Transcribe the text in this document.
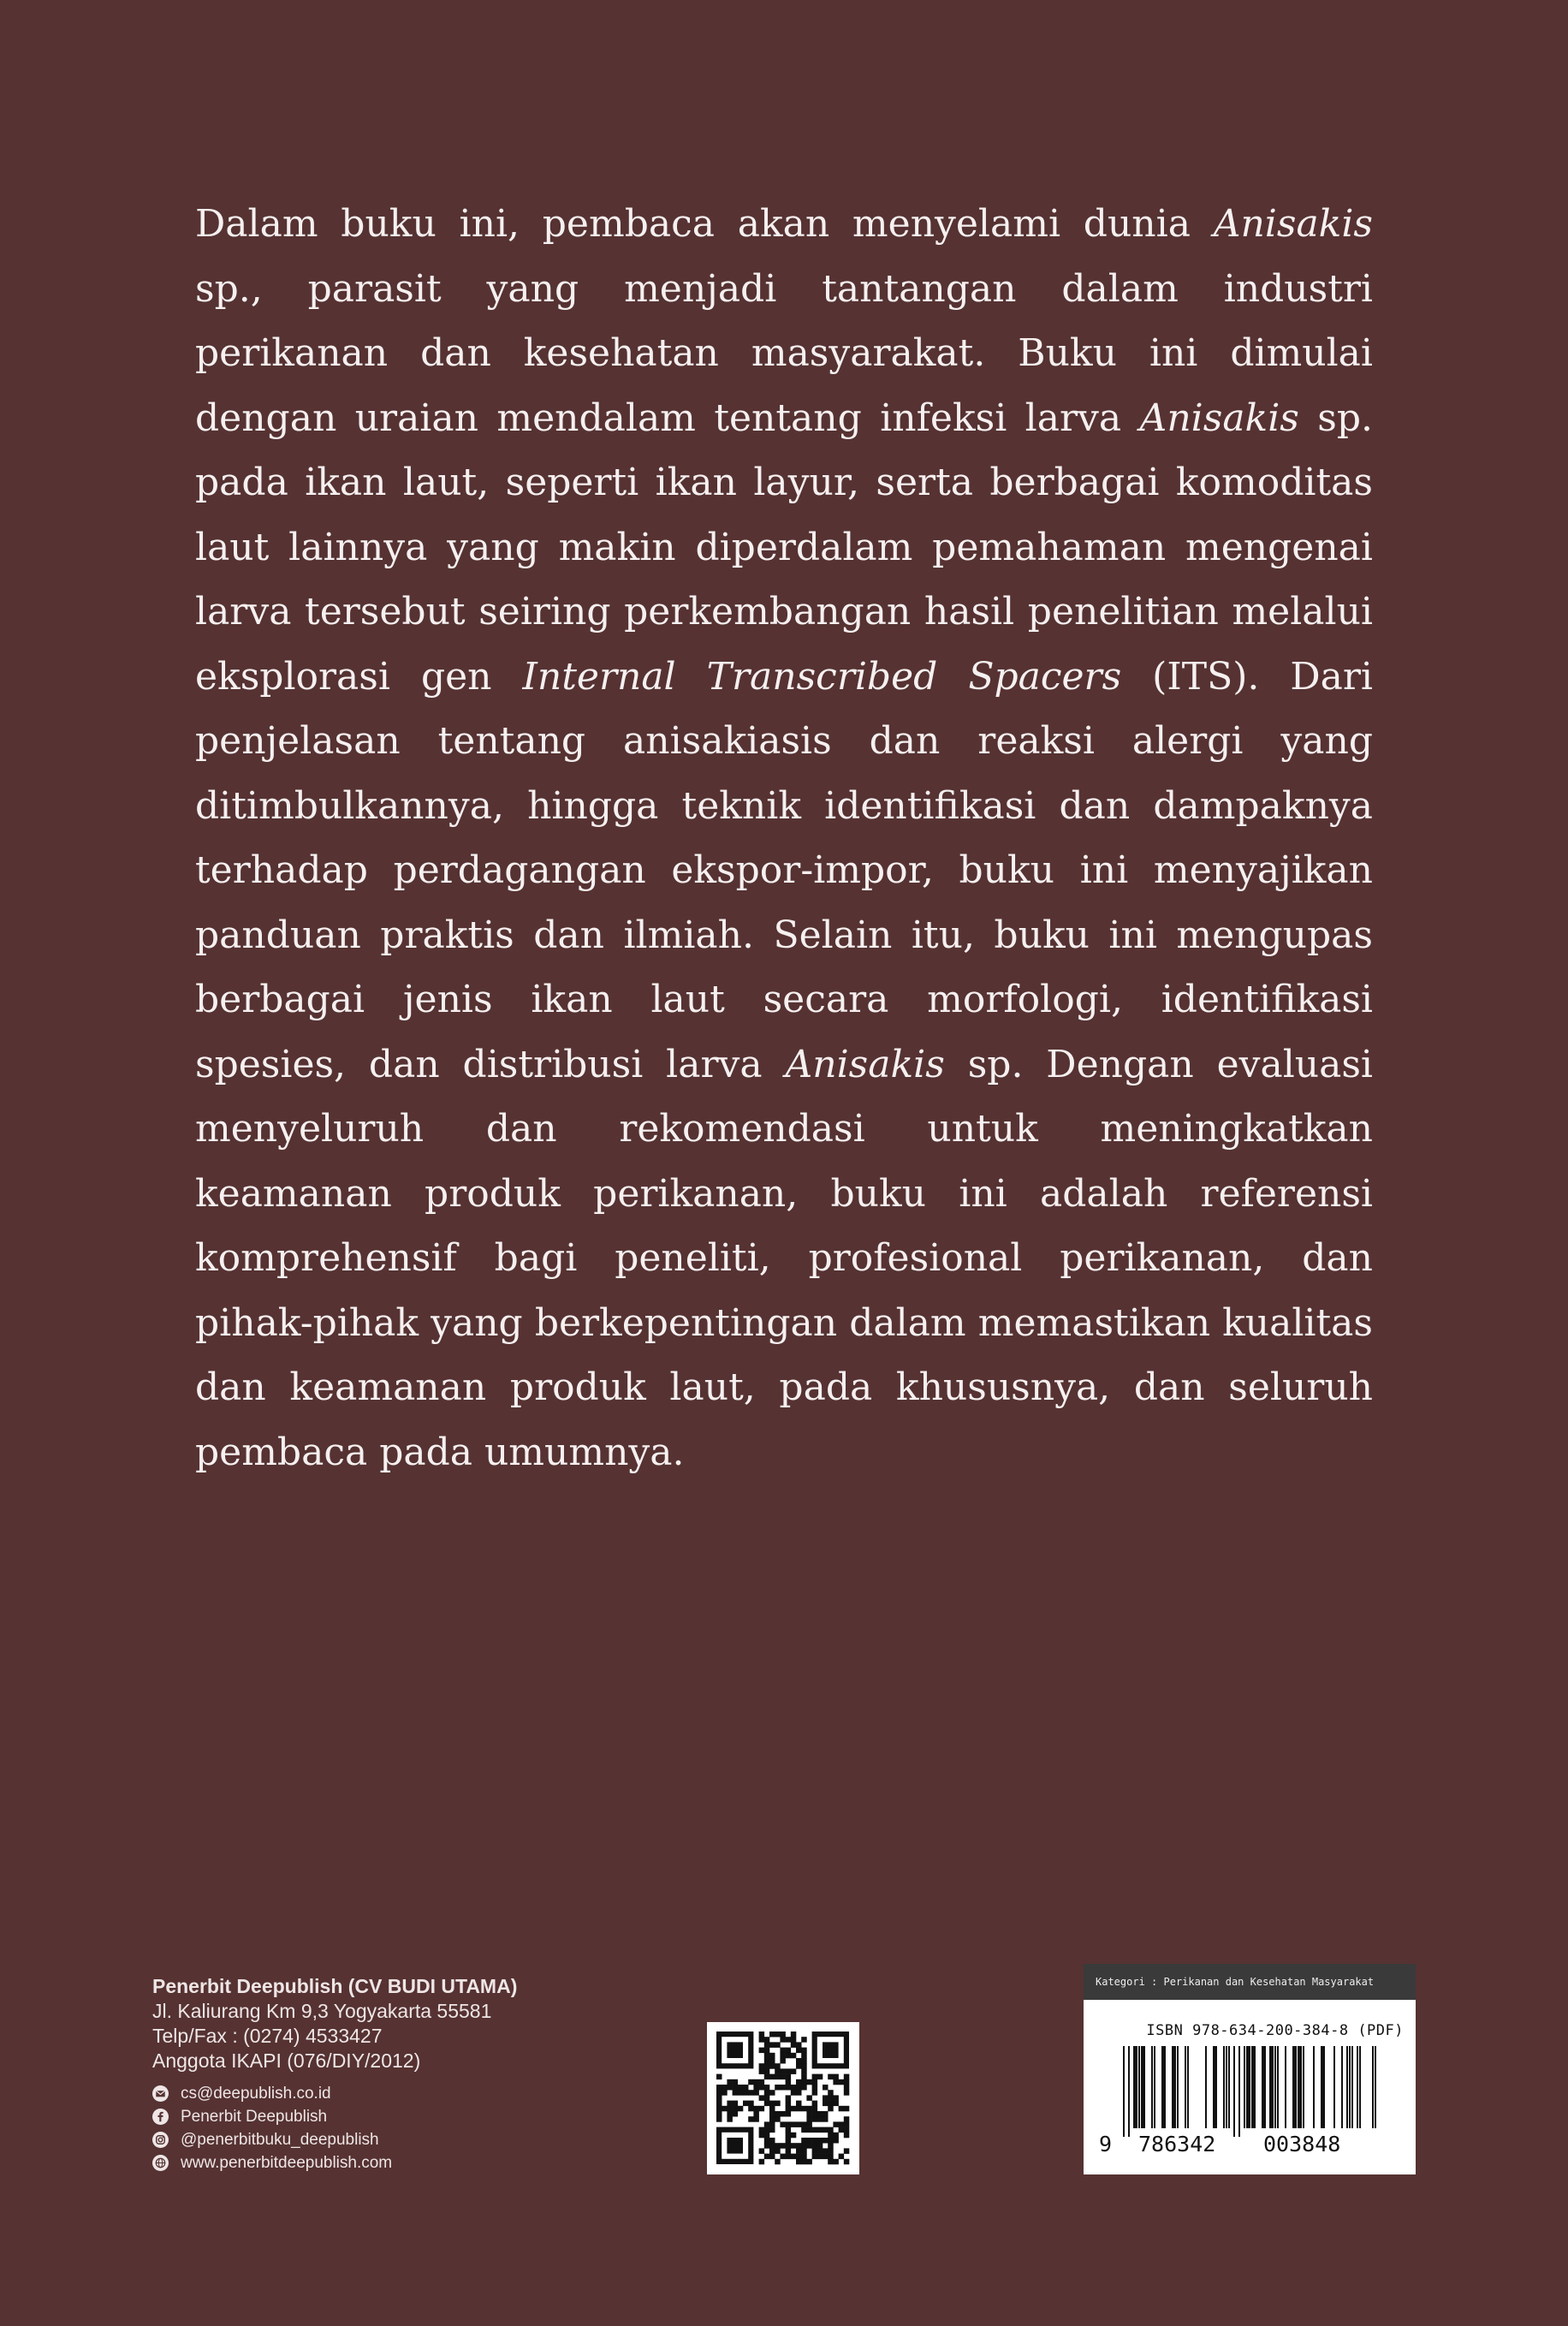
Dalam buku ini, pembaca akan menyelami dunia Anisakis sp., parasit yang menjadi tantangan dalam industri perikanan dan kesehatan masyarakat. Buku ini dimulai dengan uraian mendalam tentang infeksi larva Anisakis sp. pada ikan laut, seperti ikan layur, serta berbagai komoditas laut lainnya yang makin diperdalam pemahaman mengenai larva tersebut seiring perkembangan hasil penelitian melalui eksplorasi gen Internal Transcribed Spacers (ITS). Dari penjelasan tentang anisakiasis dan reaksi alergi yang ditimbulkannya, hingga teknik identifikasi dan dampaknya terhadap perdagangan ekspor-impor, buku ini menyajikan panduan praktis dan ilmiah. Selain itu, buku ini mengupas berbagai jenis ikan laut secara morfologi, identifikasi spesies, dan distribusi larva Anisakis sp. Dengan evaluasi menyeluruh dan rekomendasi untuk meningkatkan keamanan produk perikanan, buku ini adalah referensi komprehensif bagi peneliti, profesional perikanan, dan pihak-pihak yang berkepentingan dalam memastikan kualitas dan keamanan produk laut, pada khususnya, dan seluruh pembaca pada umumnya.

Penerbit Deepublish (CV BUDI UTAMA)
Jl. Kaliurang Km 9,3 Yogyakarta 55581
Telp/Fax : (0274) 4533427
Anggota IKAPI (076/DIY/2012)
cs@deepublish.co.id
Penerbit Deepublish
@penerbitbuku_deepublish
www.penerbitdeepublish.com
Kategori : Perikanan dan Kesehatan Masyarakat
ISBN 978-634-200-384-8 (PDF)
9 786342 003848
